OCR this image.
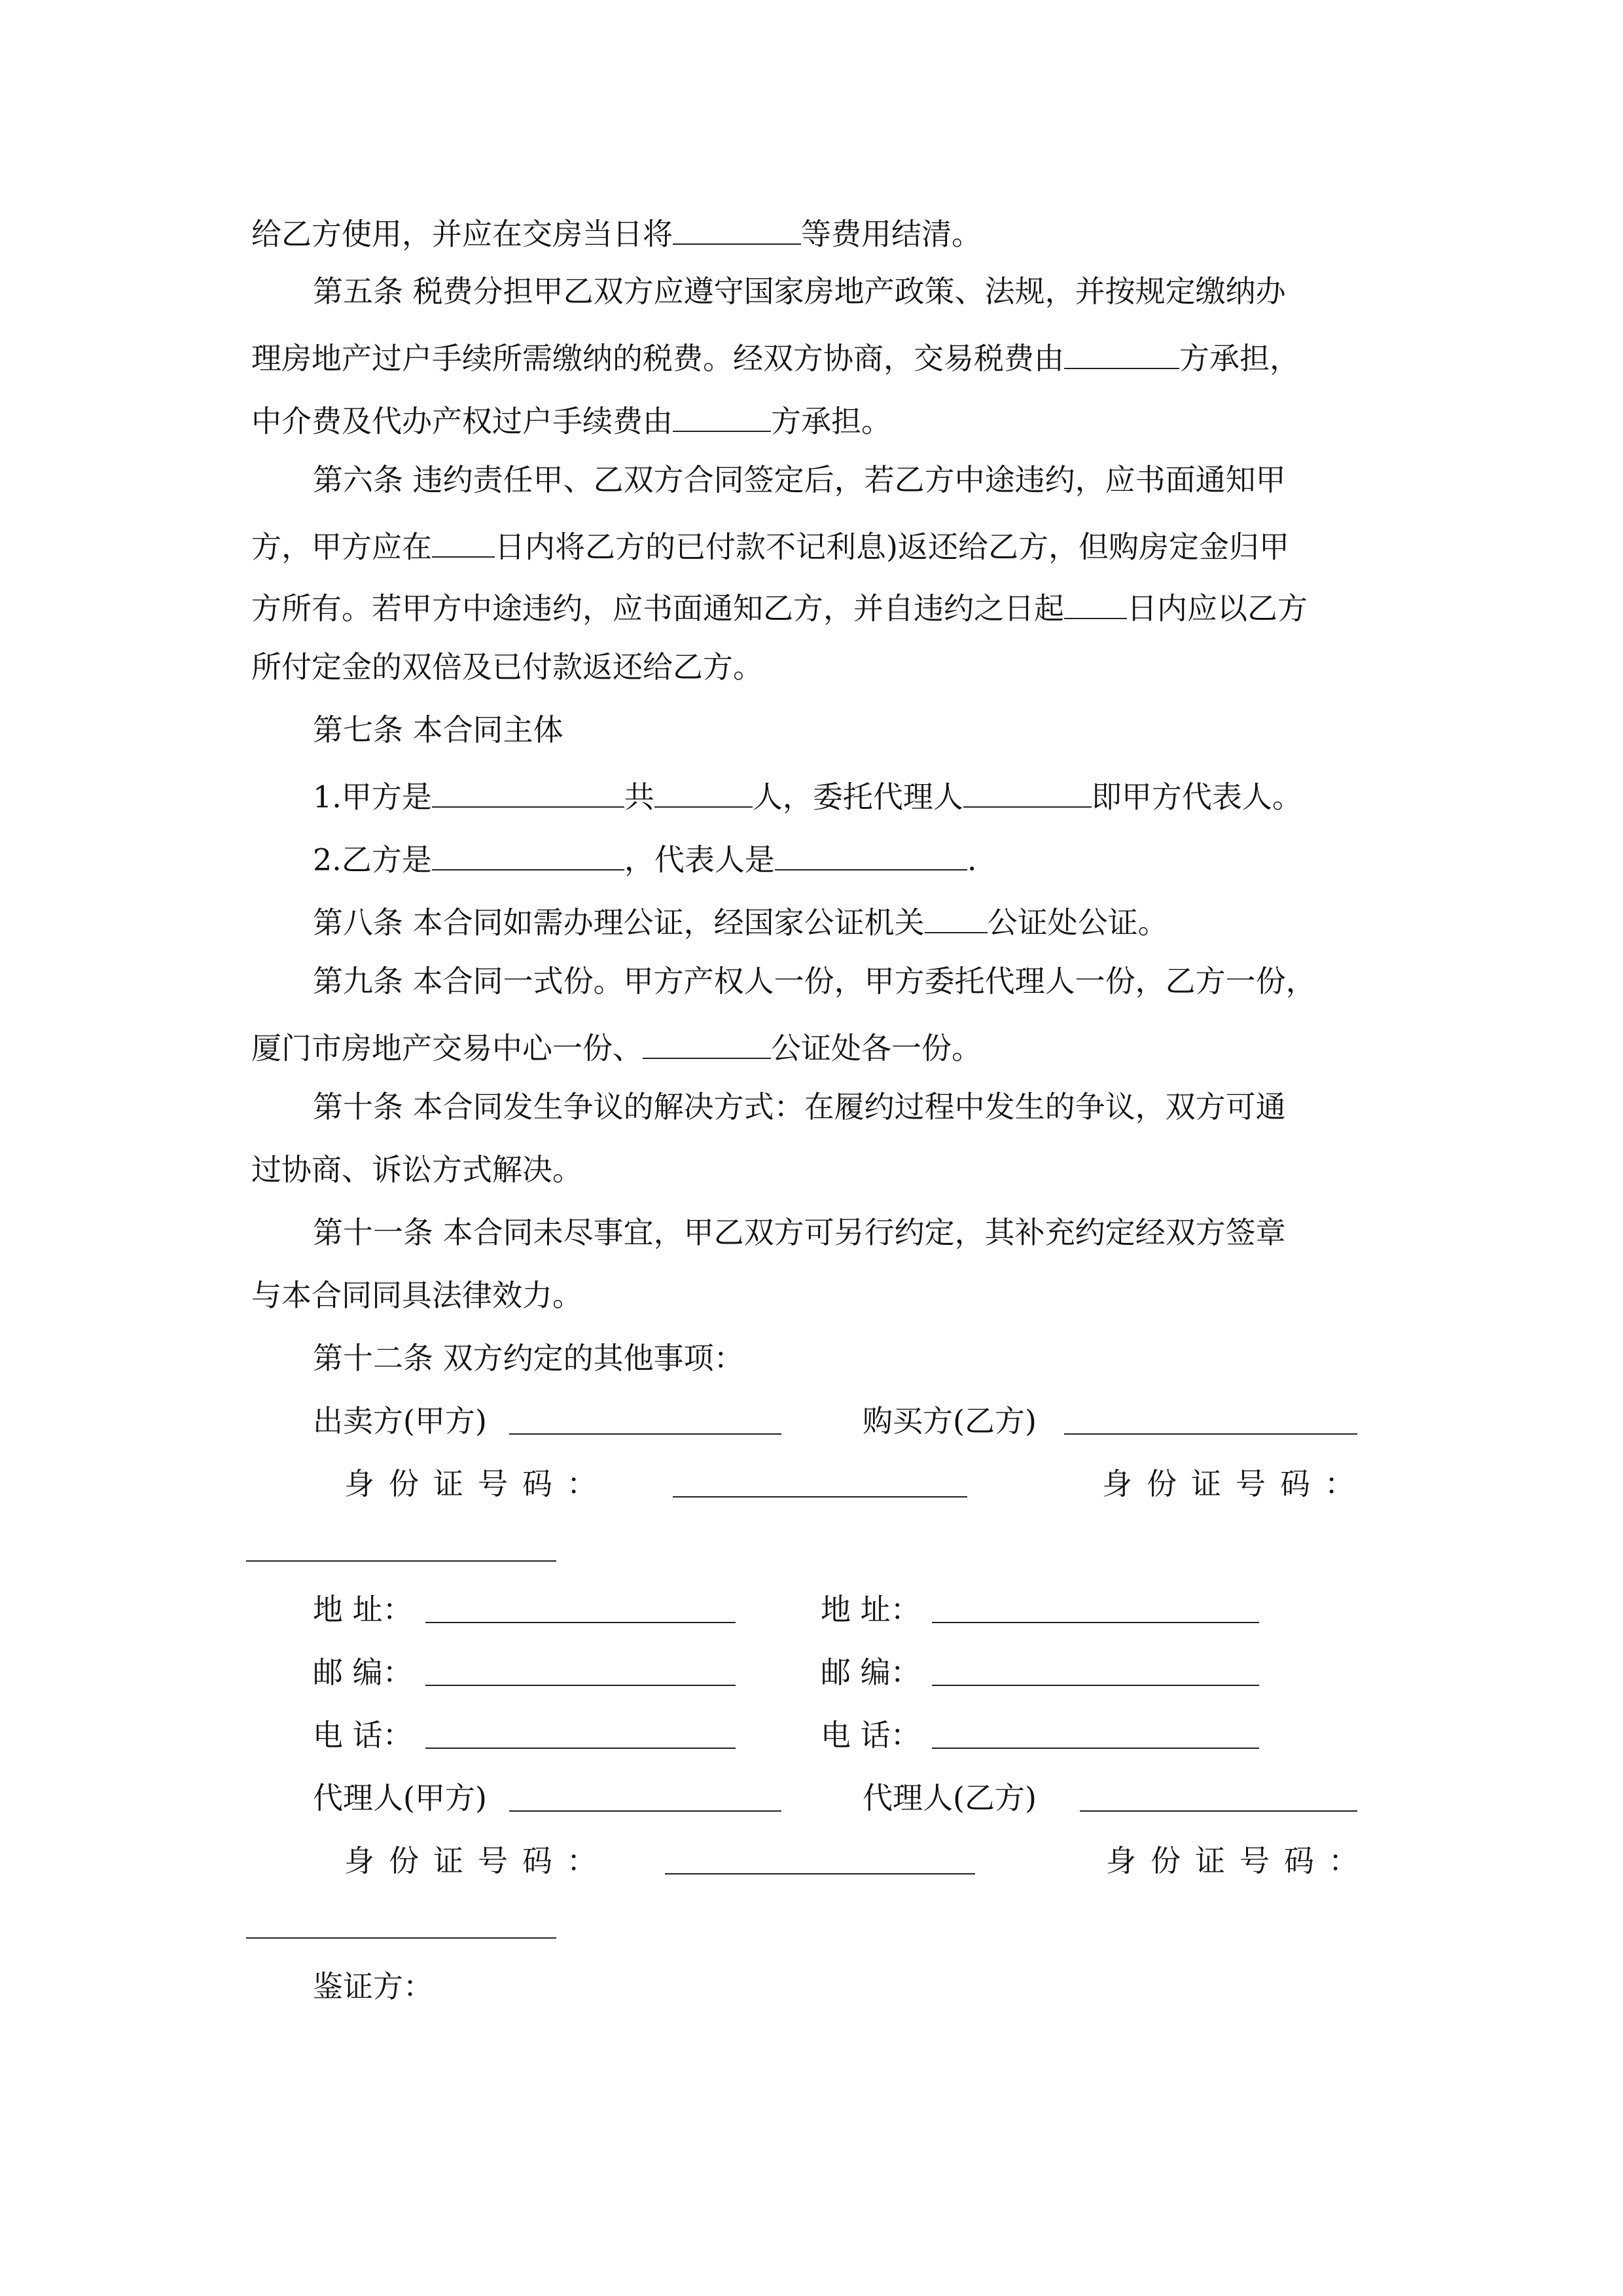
给乙方使用，并应在交房当日将	等费用结清。
第五条 税费分担甲乙双方应遵守国家房地产政策、法规，并按规定缴纳办
理房地产过户手续所需缴纳的税费。经双方协商，交易税费由	方承担，
中介费及代办产权过户手续费由	方承担。
第六条 违约责任甲、乙双方合同签定后，若乙方中途违约，应书面通知甲
方，甲方应在 日内将乙方的已付款不记利息)返还给乙方，但购房定金归甲
方所有。若甲方中途违约，应书面通知乙方，并自违约之日起 日内应以乙方
所付定金的双倍及已付款返还给乙方。
第七条 本合同主体
1.甲方是	共	人，委托代理人	即甲方代表人。
2.乙方是	，代表人是	.
第八条 本合同如需办理公证，经国家公证机关 公证处公证。
第九条 本合同一式份。甲方产权人一份，甲方委托代理人一份，乙方一份，
厦门市房地产交易中心一份、	公证处各一份。
第十条 本合同发生争议的解决方式：在履约过程中发生的争议，双方可通
过协商、诉讼方式解决。
第十一条 本合同未尽事宜，甲乙双方可另行约定，其补充约定经双方签章
与本合同同具法律效力。
第十二条 双方约定的其他事项：
出卖方(甲方)	购买方(乙方)
身份证号码：	身份证号码：
地 址：	地 址：
邮 编：	邮 编：
电 话：	电 话：
代理人(甲方)	代理人(乙方)
身份证号码：	身份证号码：
鉴证方：
